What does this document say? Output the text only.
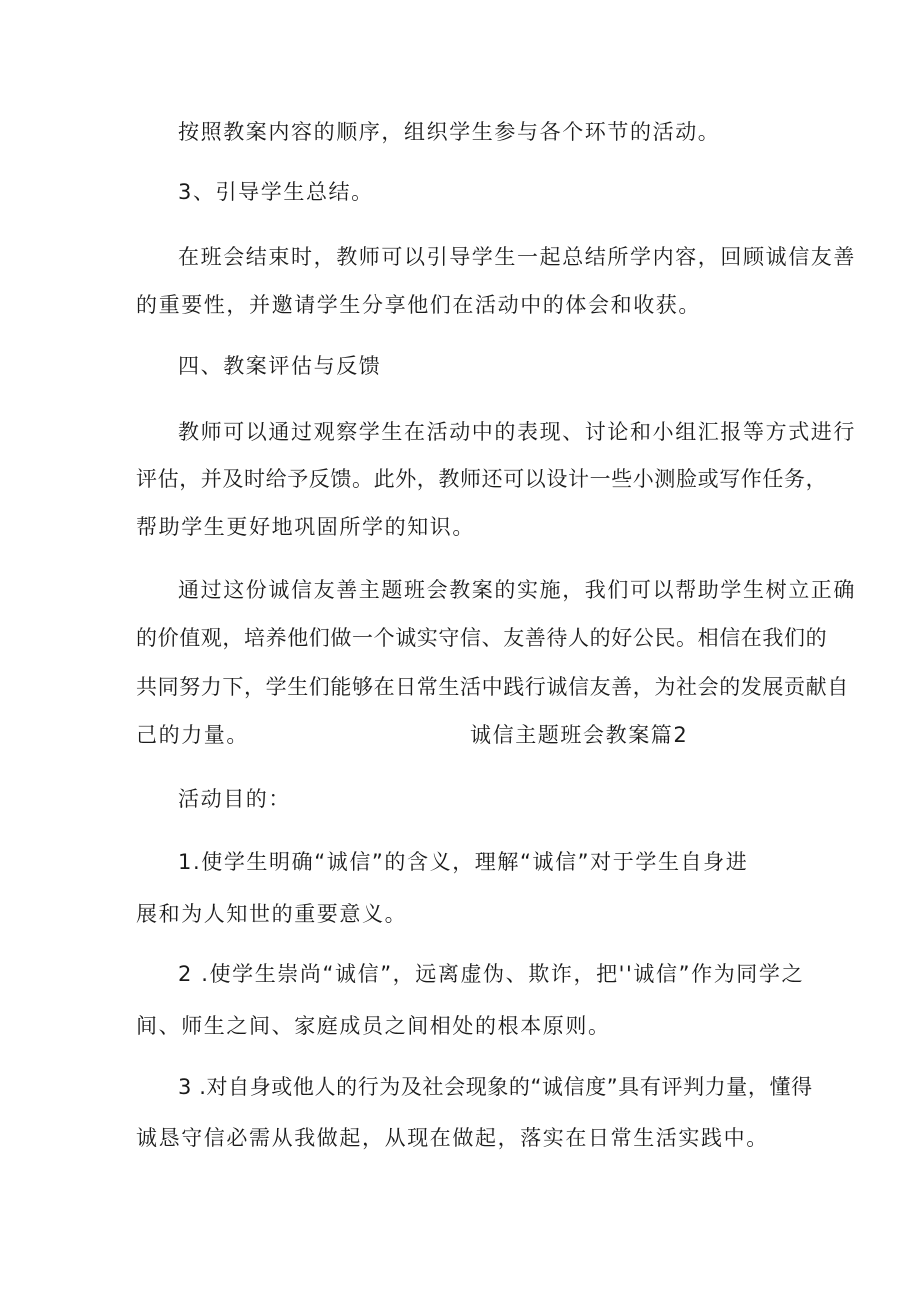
按照教案内容的顺序，组织学生参与各个环节的活动。
3、引导学生总结。
在班会结束时，教师可以引导学生一起总结所学内容，回顾诚信友善
的重要性，并邀请学生分享他们在活动中的体会和收获。
四、教案评估与反馈
教师可以通过观察学生在活动中的表现、讨论和小组汇报等方式进行
评估，并及时给予反馈。此外，教师还可以设计一些小测脸或写作任务，
帮助学生更好地巩固所学的知识。
通过这份诚信友善主题班会教案的实施，我们可以帮助学生树立正确
的价值观，培养他们做一个诚实守信、友善待人的好公民。相信在我们的
共同努力下，学生们能够在日常生活中践行诚信友善，为社会的发展贡献自
己的力量。	诚信主题班会教案篇2
活动目的：
1.使学生明确“诚信”的含义，理解“诚信”对于学生自身进
展和为人知世的重要意义。
2 .使学生崇尚“诚信”，远离虚伪、欺诈，把''诚信”作为同学之
间、师生之间、家庭成员之间相处的根本原则。
3 .对自身或他人的行为及社会现象的“诚信度”具有评判力量，懂得
诚恳守信必需从我做起，从现在做起，落实在日常生活实践中。
